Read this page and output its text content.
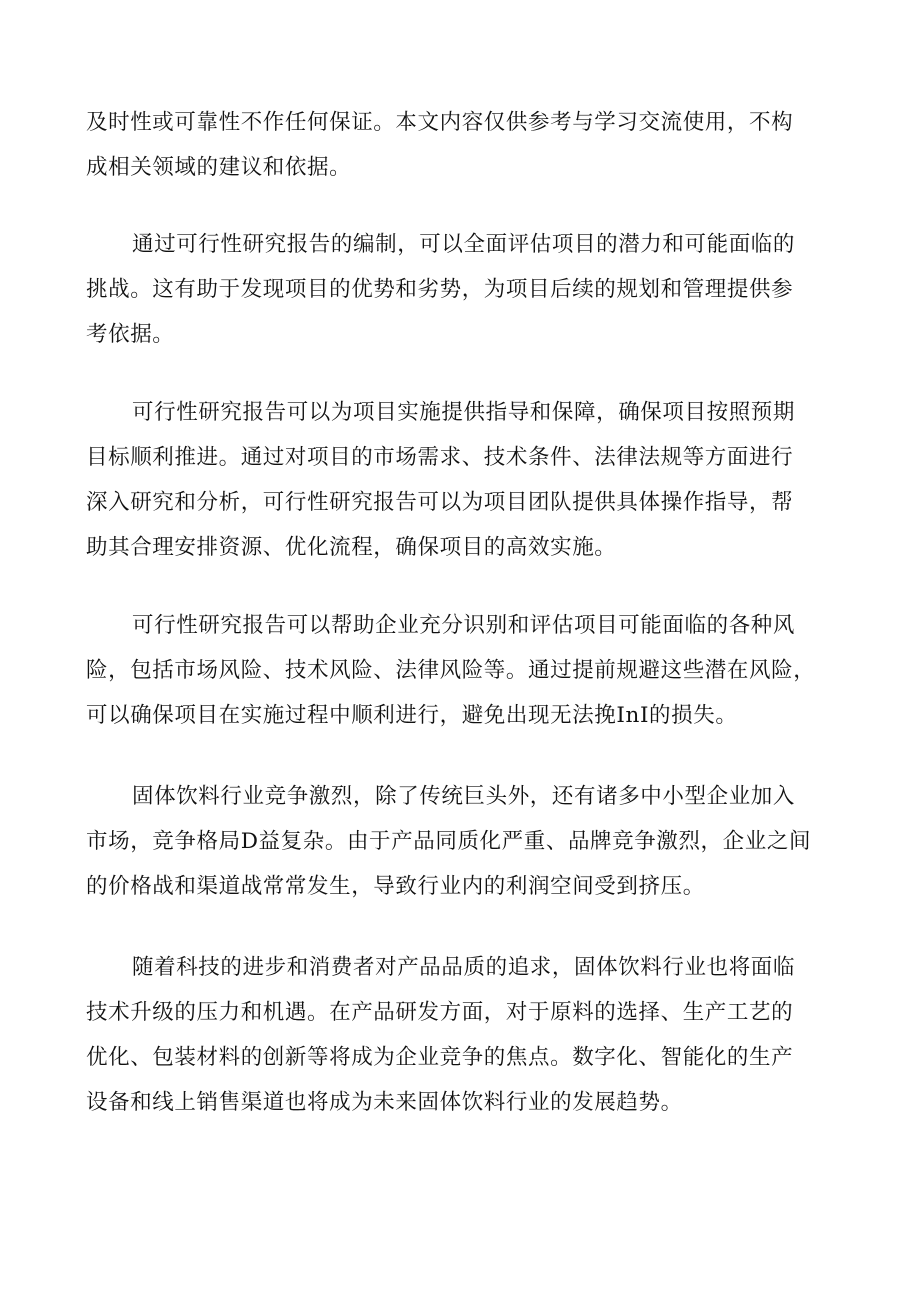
及时性或可靠性不作任何保证。本文内容仅供参考与学习交流使用，不构
成相关领域的建议和依据。

通过可行性研究报告的编制，可以全面评估项目的潜力和可能面临的
挑战。这有助于发现项目的优势和劣势，为项目后续的规划和管理提供参
考依据。

可行性研究报告可以为项目实施提供指导和保障，确保项目按照预期
目标顺利推进。通过对项目的市场需求、技术条件、法律法规等方面进行
深入研究和分析，可行性研究报告可以为项目团队提供具体操作指导，帮
助其合理安排资源、优化流程，确保项目的高效实施。

可行性研究报告可以帮助企业充分识别和评估项目可能面临的各种风
险，包括市场风险、技术风险、法律风险等。通过提前规避这些潜在风险，
可以确保项目在实施过程中顺利进行，避免出现无法挽InI的损失。

固体饮料行业竞争激烈，除了传统巨头外，还有诸多中小型企业加入
市场，竞争格局D益复杂。由于产品同质化严重、品牌竞争激烈，企业之间
的价格战和渠道战常常发生，导致行业内的利润空间受到挤压。

随着科技的进步和消费者对产品品质的追求，固体饮料行业也将面临
技术升级的压力和机遇。在产品研发方面，对于原料的选择、生产工艺的
优化、包装材料的创新等将成为企业竞争的焦点。数字化、智能化的生产
设备和线上销售渠道也将成为未来固体饮料行业的发展趋势。
